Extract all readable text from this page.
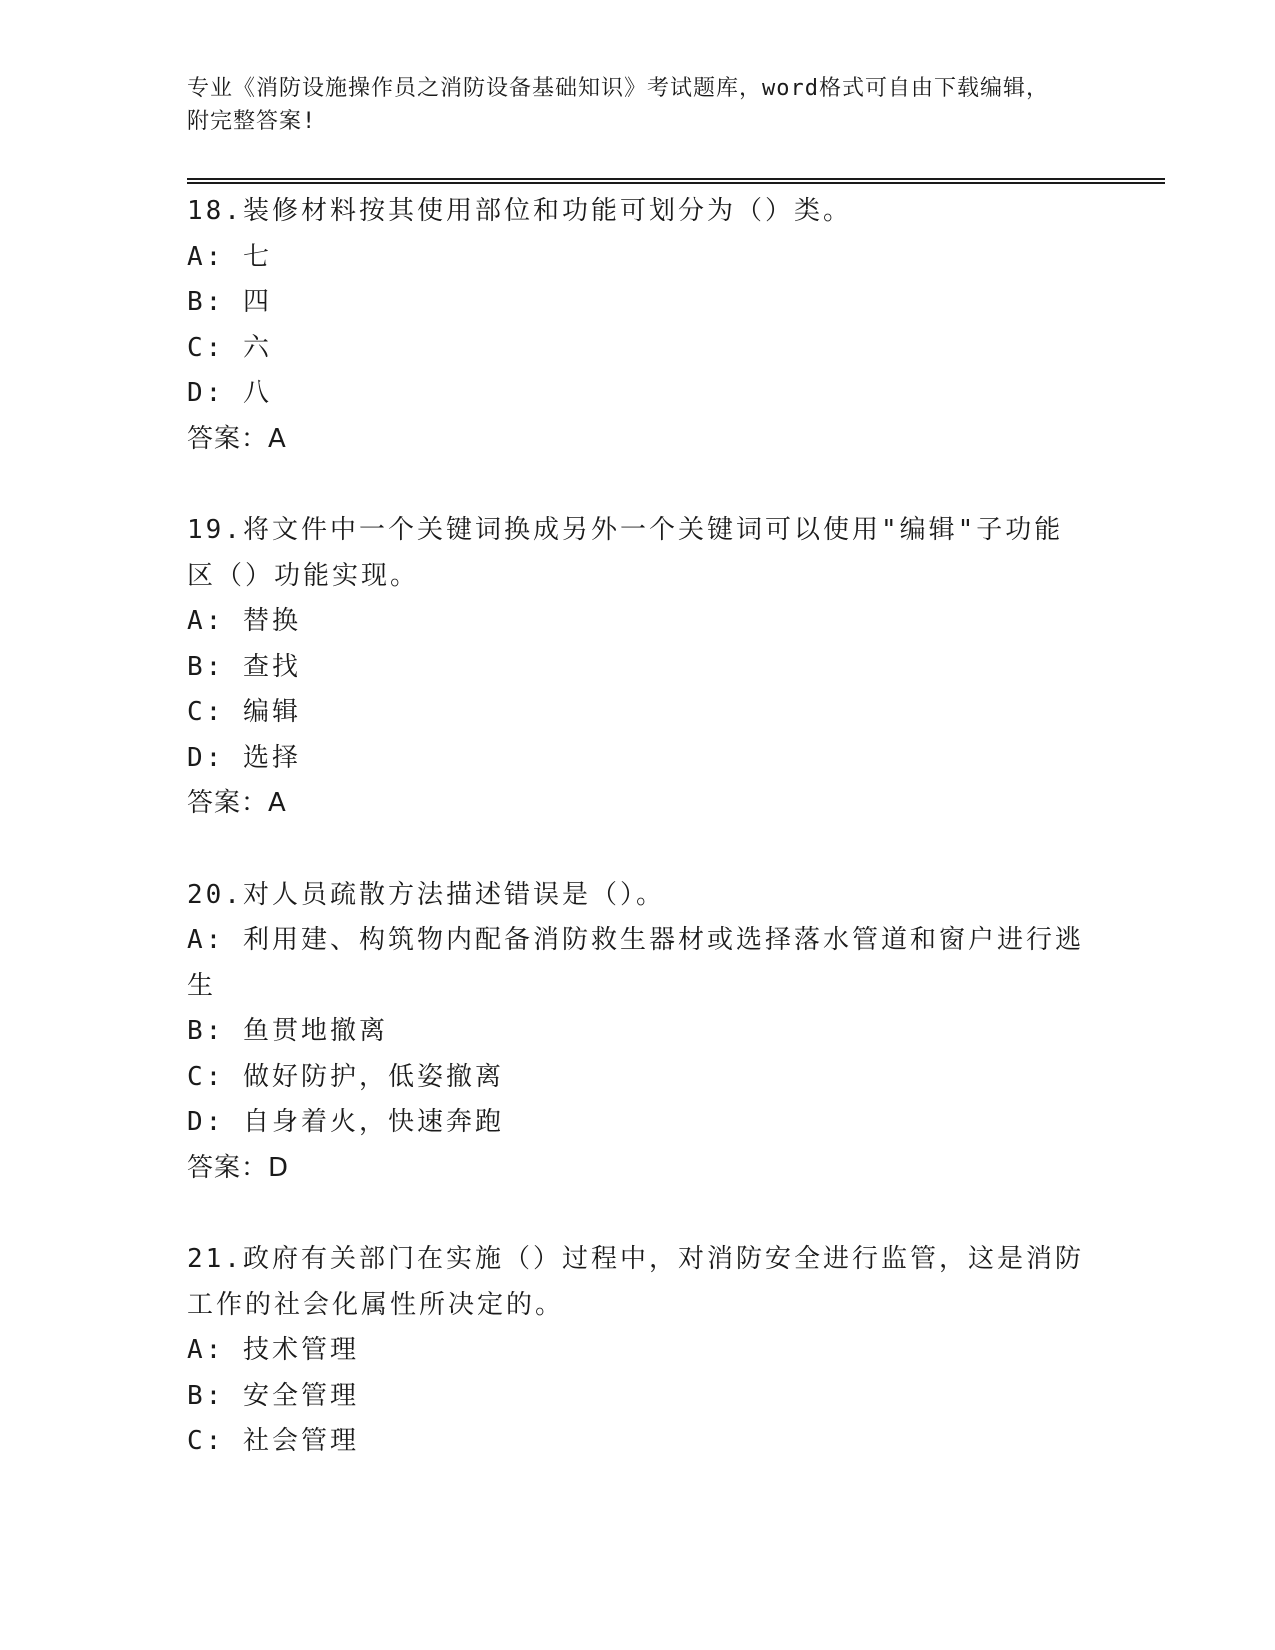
专业《消防设施操作员之消防设备基础知识》考试题库，word格式可自由下载编辑，附完整答案!
18.装修材料按其使用部位和功能可划分为（）类。
A: 七
B: 四
C: 六
D: 八
答案：A
19.将文件中一个关键词换成另外一个关键词可以使用"编辑"子功能区（）功能实现。
A: 替换
B: 查找
C: 编辑
D: 选择
答案：A
20.对人员疏散方法描述错误是（）。
A: 利用建、构筑物内配备消防救生器材或选择落水管道和窗户进行逃生
B: 鱼贯地撤离
C: 做好防护，低姿撤离
D: 自身着火，快速奔跑
答案：D
21.政府有关部门在实施（）过程中，对消防安全进行监管，这是消防工作的社会化属性所决定的。
A: 技术管理
B: 安全管理
C: 社会管理
